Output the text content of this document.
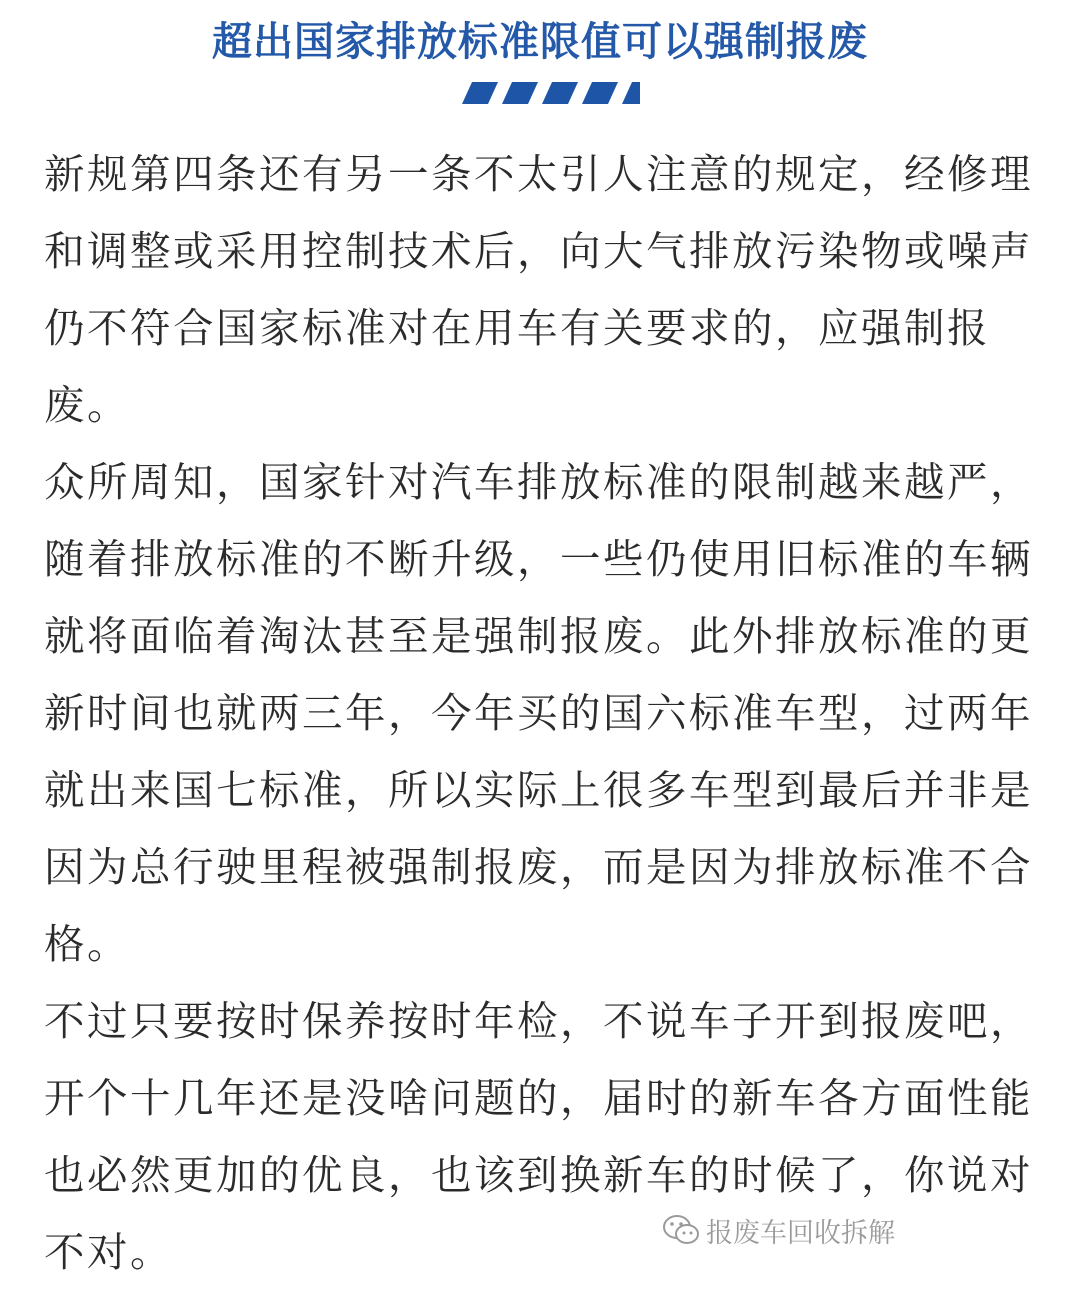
超出国家排放标准限值可以强制报废

新规第四条还有另一条不太引人注意的规定，经修理和调整或采用控制技术后，向大气排放污染物或噪声仍不符合国家标准对在用车有关要求的，应强制报废。

众所周知，国家针对汽车排放标准的限制越来越严，随着排放标准的不断升级，一些仍使用旧标准的车辆就将面临着淘汰甚至是强制报废。此外排放标准的更新时间也就两三年，今年买的国六标准车型，过两年就出来国七标准，所以实际上很多车型到最后并非是因为总行驶里程被强制报废，而是因为排放标准不合格。

不过只要按时保养按时年检，不说车子开到报废吧，开个十几年还是没啥问题的，届时的新车各方面性能也必然更加的优良，也该到换新车的时候了，你说对不对。	报废车回收拆解
